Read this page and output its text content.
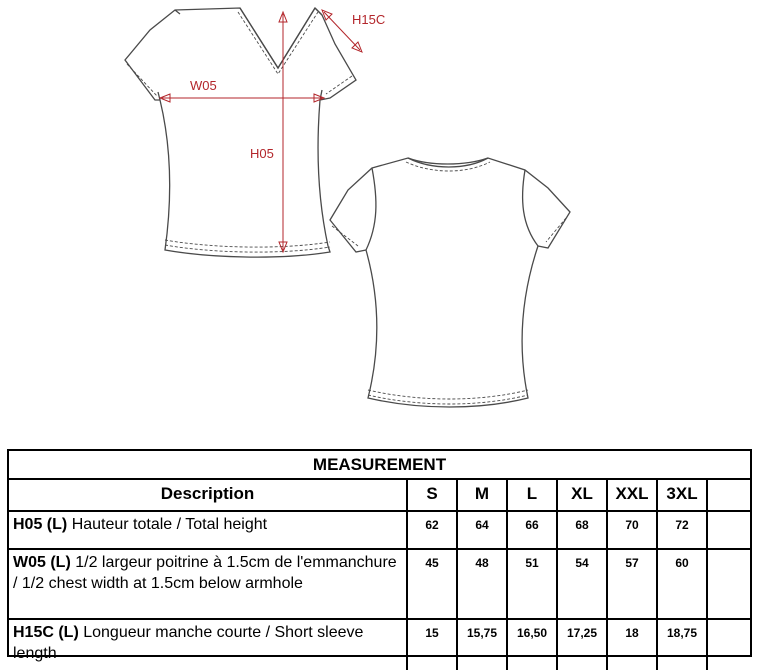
H15C
W05
H05
MEASUREMENT
Description	S	M	L	XL	XXL	3XL	
H05 (L) Hauteur totale / Total height	62	64	66	68	70	72	
W05 (L) 1/2 largeur poitrine à 1.5cm de l'emmanchure / 1/2 chest width at 1.5cm below armhole	45	48	51	54	57	60	
H15C (L) Longueur manche courte / Short sleeve length	15	15,75	16,50	17,25	18	18,75	
